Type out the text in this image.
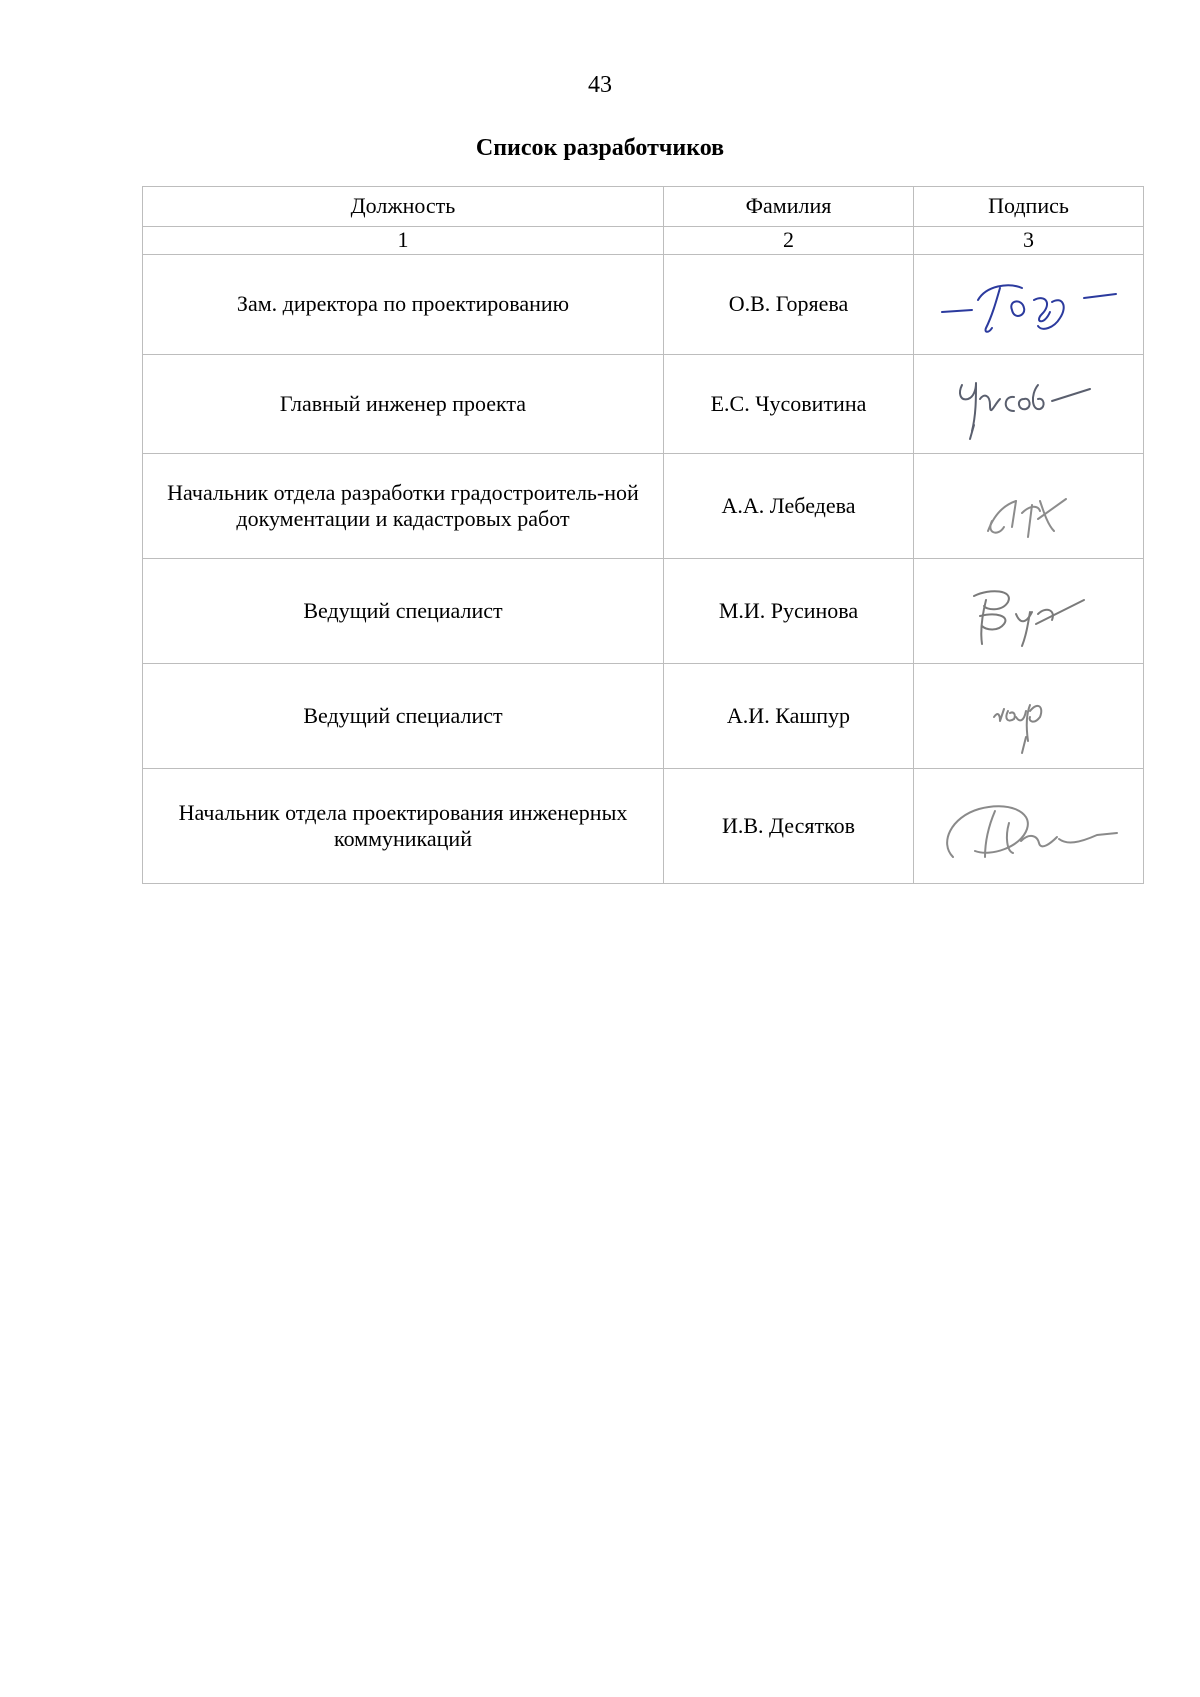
43
Список разработчиков
Должность	Фамилия	Подпись
1	2	3
Зам. директора по проектированию	О.В. Горяева	

Главный инженер проекта	Е.С. Чусовитина	

Начальник отдела разработки градостроитель-ной документации и кадастровых работ	А.А. Лебедева	

Ведущий специалист	М.И. Русинова	

Ведущий специалист	А.И. Кашпур	

Начальник отдела проектирования инженерных коммуникаций	И.В. Десятков	
